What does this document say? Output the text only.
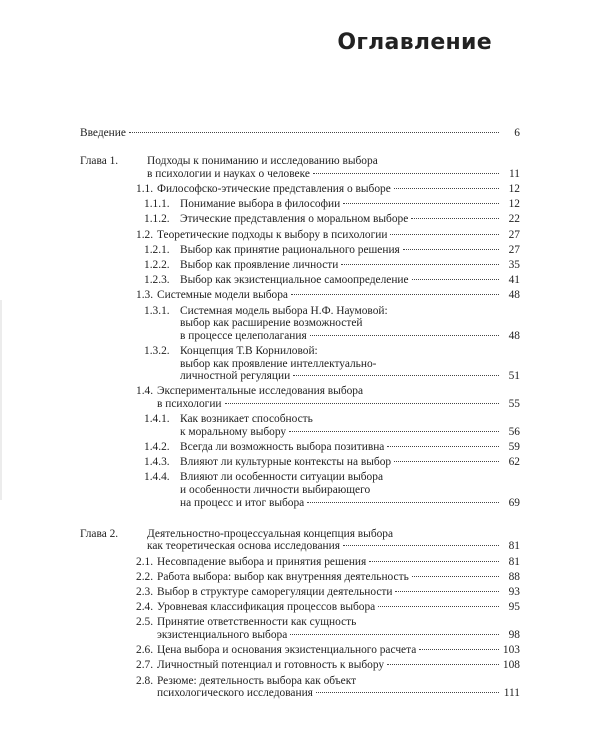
Оглавление
Введение	6
Глава 1.	Подходы к пониманию и исследованию выбора
в психологии и науках о человеке	11
1.1. Философско-этические представления о выборе	12
1.1.1. Понимание выбора в философии	12
1.1.2. Этические представления о моральном выборе	22
1.2. Теоретические подходы к выбору в психологии	27
1.2.1. Выбор как принятие рационального решения	27
1.2.2. Выбор как проявление личности	35
1.2.3. Выбор как экзистенциальное самоопределение	41
1.3. Системные модели выбора	48
1.3.1. Системная модель выбора Н.Ф. Наумовой:
выбор как расширение возможностей
в процессе целеполагания	48
1.3.2. Концепция Т.В Корниловой:
выбор как проявление интеллектуально-
личностной регуляции	51
1.4. Экспериментальные исследования выбора
в психологии	55
1.4.1. Как возникает способность
к моральному выбору	56
1.4.2. Всегда ли возможность выбора позитивна	59
1.4.3. Влияют ли культурные контексты на выбор	62
1.4.4. Влияют ли особенности ситуации выбора
и особенности личности выбирающего
на процесс и итог выбора	69
Глава 2.	Деятельностно-процессуальная концепция выбора
как теоретическая основа исследования	81
2.1. Несовпадение выбора и принятия решения	81
2.2. Работа выбора: выбор как внутренняя деятельность	88
2.3. Выбор в структуре саморегуляции деятельности	93
2.4. Уровневая классификация процессов выбора	95
2.5. Принятие ответственности как сущность
экзистенциального выбора	98
2.6. Цена выбора и основания экзистенциального расчета	103
2.7. Личностный потенциал и готовность к выбору	108
2.8. Резюме: деятельность выбора как объект
психологического исследования	111
